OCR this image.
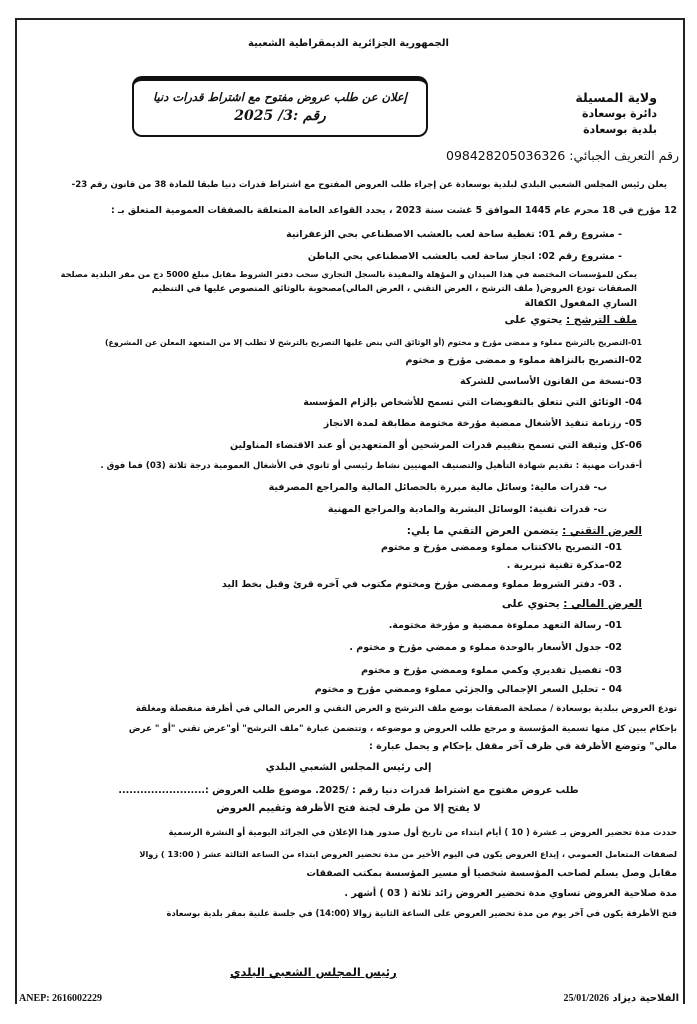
الجمهورية الجزائرية الديمقراطية الشعبية
إعلان عن طلب عروض مفتوح مع اشتراط قدرات دنيا
رقم :3/ 2025
ولاية المسيلة
دائرة بوسعادة
بلدية بوسعادة
رقم التعريف الجبائي: 098428205036326
يعلن رئيس المجلس الشعبي البلدي لبلدية بوسعادة عن إجراء طلب العروض المفتوح مع اشتراط قدرات دنيا طبقا للمادة 38 من قانون رقم 23-
12 مؤرخ في 18 محرم عام 1445 الموافق 5 غشت سنة 2023 ، يحدد القواعد العامة المتعلقة بالصفقات العمومية المتعلق بـ :
- مشروع رقم 01: تغطية ساحة لعب بالعشب الاصطناعي بحي الزعفرانية
- مشروع رقم 02: انجاز ساحة لعب بالعشب الاصطناعي بحي الباطن
يمكن للمؤسسات المختصة في هذا الميدان و المؤهلة والمقيدة بالسجل التجاري سحب دفتر الشروط مقابل مبلغ 5000 دج من مقر البلدية مصلحة
الصفقات تودع العروض( ملف الترشح ، العرض التقني ، العرض المالي)مصحوبة بالوثائق المنصوص عليها في التنظيم
الساري المفعول الكفالة
ملف الترشح : يحتوي على
01-التصريح بالترشح مملوء و ممضى مؤرخ و مختوم (أو الوثائق التي ينص عليها التصريح بالترشح لا تطلب إلا من المتعهد المعلن عن المشروع)
02-التصريح بالنزاهة مملوء و ممضى مؤرخ و مختوم
03-نسخة من القانون الأساسي للشركة
04- الوثائق التي تتعلق بالتفويضات التي تسمح للأشخاص بإلزام المؤسسة
05- رزنامة تنفيذ الأشغال ممضية مؤرخة مختومة مطابقة لمدة الانجاز
06-كل وثيقة التي تسمح بتقييم قدرات المرشحين أو المتعهدين أو عند الاقتضاء المناولين
أ-قدرات مهنية : تقديم شهادة التأهيل والتصنيف المهنيين نشاط رئيسي أو ثانوي في الأشغال العمومية درجة ثلاثة (03) فما فوق .
ب- قدرات مالية: وسائل مالية مبررة بالحصائل المالية والمراجع المصرفية
ت- قدرات تقنية: الوسائل البشرية والمادية والمراجع المهنية
العرض التقني : يتضمن العرض التقني ما يلي:
01- التصريح بالاكتتاب مملوء وممضى مؤرخ و مختوم
02-مذكرة تقنية تبريرية .
. 03- دفتر الشروط مملوء وممضى مؤرخ ومختوم مكتوب في آخره قرئ وقبل بخط اليد
العرض المالي : يحتوي على
01- رسالة التعهد مملوءة ممضية و مؤرخة مختومة.
02- جدول الأسعار بالوحدة مملوء و ممضي مؤرخ و مختوم .
03- تفصيل تقديري وكمي مملوء وممضي مؤرخ و مختوم
04 - تحليل السعر الإجمالي والجزئي مملوء وممضي مؤرخ و مختوم
تودع العروض ببلدية بوسعادة / مصلحة الصفقات بوضع ملف الترشح و العرض التقني و العرض المالي في أظرفة منفصلة ومغلقة
بإحكام يبين كل منها تسمية المؤسسة و مرجع طلب العروض و موضوعه ، وتتضمن عبارة "ملف الترشح" أو"عرض تقني "أو " عرض
مالي" وتوضع الأظرفة في ظرف آخر مقفل بإحكام و يحمل عبارة :
إلى رئيس المجلس الشعبي البلدي
طلب عروض مفتوح مع اشتراط قدرات دنيا رقم : /2025. موضوع طلب العروض :........................
لا يفتح إلا من طرف لجنة فتح الأظرفة وتقييم العروض
حددت مدة تحضير العروض بـ عشرة ( 10 ) أيام ابتداء من تاريخ أول صدور هذا الإعلان في الجرائد اليومية أو النشرة الرسمية
لصفقات المتعامل العمومي ، إيداع العروض يكون في اليوم الأخير من مدة تحضير العروض ابتداء من الساعة الثالثة عشر ( 13:00 ) زوالا
مقابل وصل يسلم لصاحب المؤسسة شخصيا أو مسير المؤسسة بمكتب الصفقات
مدة صلاحية العروض تساوي مدة تحضير العروض زائد ثلاثة ( 03 ) أشهر .
فتح الأظرفة يكون في آخر يوم من مدة تحضير العروض على الساعة الثانية زوالا (14:00) في جلسة علنية بمقر بلدية بوسعادة
رئيس المجلس الشعبي البلدي
ANEP: 2616002229	الفلاحية ديزاد 25/01/2026
